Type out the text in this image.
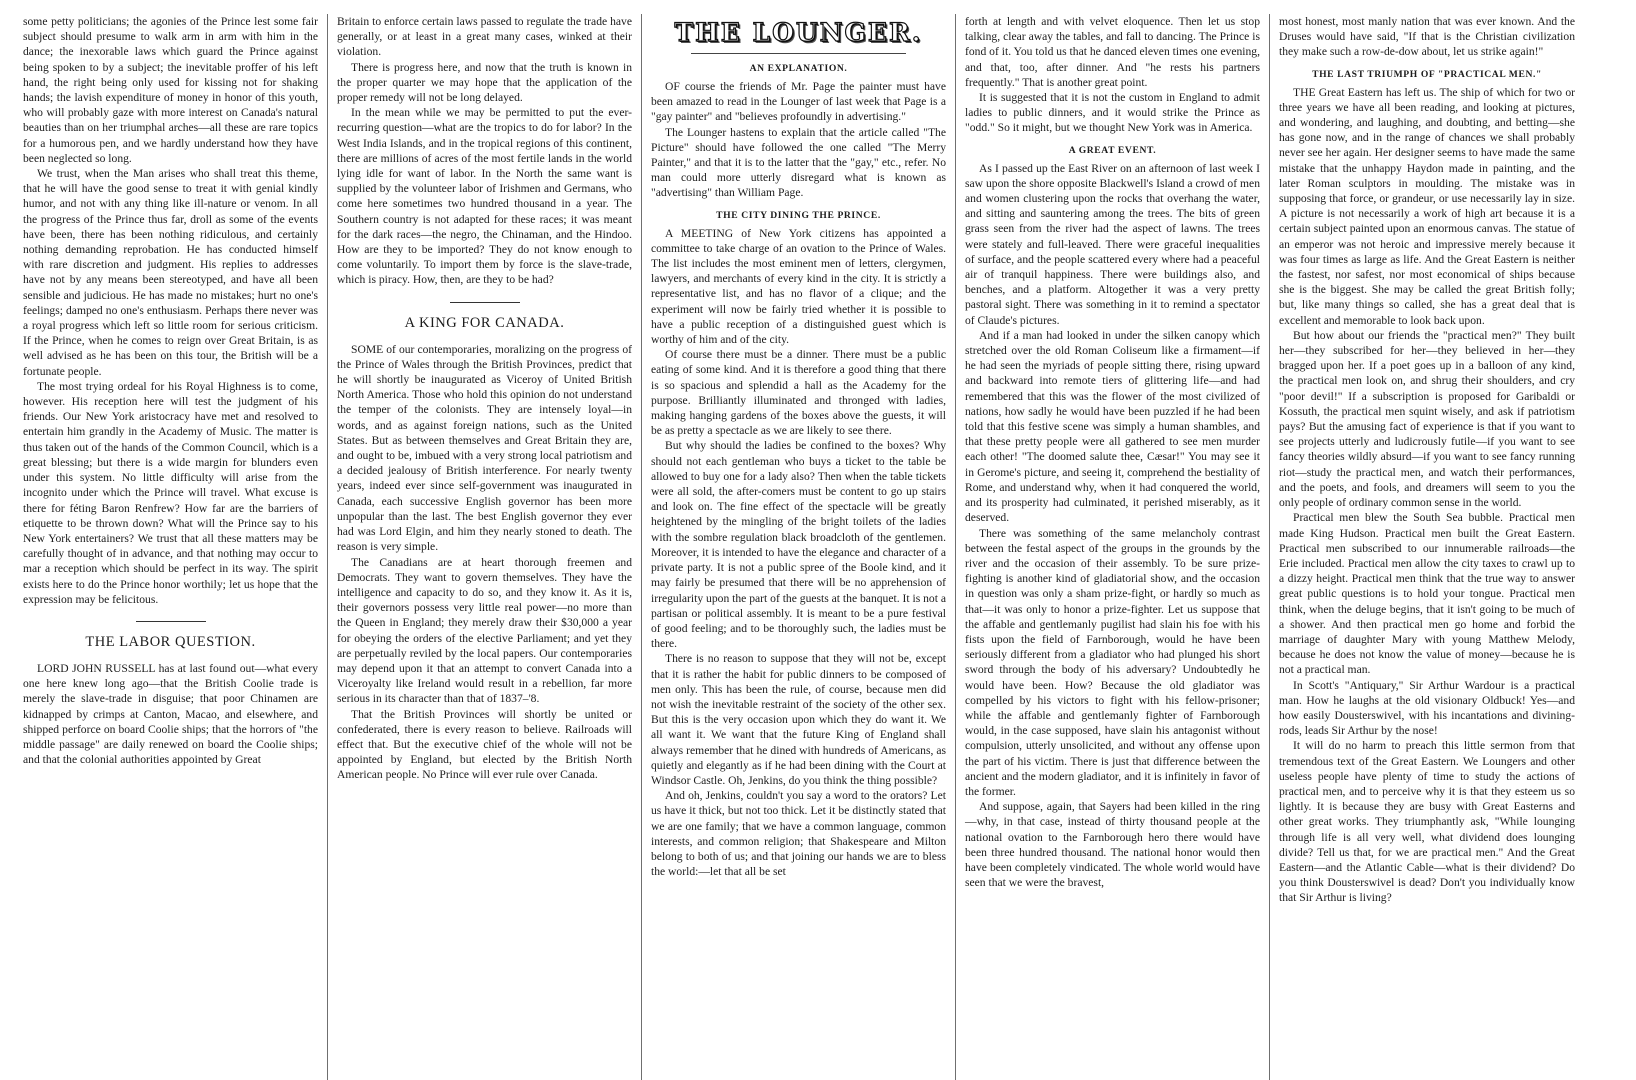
some petty politicians; the agonies of the Prince lest some fair subject should presume to walk arm in arm with him in the dance; the inexorable laws which guard the Prince against being spoken to by a subject; the inevitable proffer of his left hand, the right being only used for kissing not for shaking hands; the lavish expenditure of money in honor of this youth, who will probably gaze with more interest on Canada's natural beauties than on her triumphal arches—all these are rare topics for a humorous pen, and we hardly understand how they have been neglected so long.

We trust, when the Man arises who shall treat this theme, that he will have the good sense to treat it with genial kindly humor, and not with any thing like ill-nature or venom. In all the progress of the Prince thus far, droll as some of the events have been, there has been nothing ridiculous, and certainly nothing demanding reprobation. He has conducted himself with rare discretion and judgment. His replies to addresses have not by any means been stereotyped, and have all been sensible and judicious. He has made no mistakes; hurt no one's feelings; damped no one's enthusiasm. Perhaps there never was a royal progress which left so little room for serious criticism. If the Prince, when he comes to reign over Great Britain, is as well advised as he has been on this tour, the British will be a fortunate people.

The most trying ordeal for his Royal Highness is to come, however. His reception here will test the judgment of his friends. Our New York aristocracy have met and resolved to entertain him grandly in the Academy of Music. The matter is thus taken out of the hands of the Common Council, which is a great blessing; but there is a wide margin for blunders even under this system. No little difficulty will arise from the incognito under which the Prince will travel. What excuse is there for féting Baron Renfrew? How far are the barriers of etiquette to be thrown down? What will the Prince say to his New York entertainers? We trust that all these matters may be carefully thought of in advance, and that nothing may occur to mar a reception which should be perfect in its way. The spirit exists here to do the Prince honor worthily; let us hope that the expression may be felicitous.

THE LABOR QUESTION.

LORD JOHN RUSSELL has at last found out—what every one here knew long ago—that the British Coolie trade is merely the slave-trade in disguise; that poor Chinamen are kidnapped by crimps at Canton, Macao, and elsewhere, and shipped perforce on board Coolie ships; that the horrors of "the middle passage" are daily renewed on board the Coolie ships; and that the colonial authorities appointed by Great

Britain to enforce certain laws passed to regulate the trade have generally, or at least in a great many cases, winked at their violation.

There is progress here, and now that the truth is known in the proper quarter we may hope that the application of the proper remedy will not be long delayed.

In the mean while we may be permitted to put the ever-recurring question—what are the tropics to do for labor? In the West India Islands, and in the tropical regions of this continent, there are millions of acres of the most fertile lands in the world lying idle for want of labor. In the North the same want is supplied by the volunteer labor of Irishmen and Germans, who come here sometimes two hundred thousand in a year. The Southern country is not adapted for these races; it was meant for the dark races—the negro, the Chinaman, and the Hindoo. How are they to be imported? They do not know enough to come voluntarily. To import them by force is the slave-trade, which is piracy. How, then, are they to be had?

A KING FOR CANADA.

SOME of our contemporaries, moralizing on the progress of the Prince of Wales through the British Provinces, predict that he will shortly be inaugurated as Viceroy of United British North America. Those who hold this opinion do not understand the temper of the colonists. They are intensely loyal—in words, and as against foreign nations, such as the United States. But as between themselves and Great Britain they are, and ought to be, imbued with a very strong local patriotism and a decided jealousy of British interference. For nearly twenty years, indeed ever since self-government was inaugurated in Canada, each successive English governor has been more unpopular than the last. The best English governor they ever had was Lord Elgin, and him they nearly stoned to death. The reason is very simple.

The Canadians are at heart thorough freemen and Democrats. They want to govern themselves. They have the intelligence and capacity to do so, and they know it. As it is, their governors possess very little real power—no more than the Queen in England; they merely draw their $30,000 a year for obeying the orders of the elective Parliament; and yet they are perpetually reviled by the local papers. Our contemporaries may depend upon it that an attempt to convert Canada into a Viceroyalty like Ireland would result in a rebellion, far more serious in its character than that of 1837–'8.

That the British Provinces will shortly be united or confederated, there is every reason to believe. Railroads will effect that. But the executive chief of the whole will not be appointed by England, but elected by the British North American people. No Prince will ever rule over Canada.

THE LOUNGER.
AN EXPLANATION.

OF course the friends of Mr. Page the painter must have been amazed to read in the Lounger of last week that Page is a "gay painter" and "believes profoundly in advertising."

The Lounger hastens to explain that the article called "The Picture" should have followed the one called "The Merry Painter," and that it is to the latter that the "gay," etc., refer. No man could more utterly disregard what is known as "advertising" than William Page.

THE CITY DINING THE PRINCE.

A MEETING of New York citizens has appointed a committee to take charge of an ovation to the Prince of Wales. The list includes the most eminent men of letters, clergymen, lawyers, and merchants of every kind in the city. It is strictly a representative list, and has no flavor of a clique; and the experiment will now be fairly tried whether it is possible to have a public reception of a distinguished guest which is worthy of him and of the city.

Of course there must be a dinner. There must be a public eating of some kind. And it is therefore a good thing that there is so spacious and splendid a hall as the Academy for the purpose. Brilliantly illuminated and thronged with ladies, making hanging gardens of the boxes above the guests, it will be as pretty a spectacle as we are likely to see there.

But why should the ladies be confined to the boxes? Why should not each gentleman who buys a ticket to the table be allowed to buy one for a lady also? Then when the table tickets were all sold, the after-comers must be content to go up stairs and look on. The fine effect of the spectacle will be greatly heightened by the mingling of the bright toilets of the ladies with the sombre regulation black broadcloth of the gentlemen. Moreover, it is intended to have the elegance and character of a private party. It is not a public spree of the Boole kind, and it may fairly be presumed that there will be no apprehension of irregularity upon the part of the guests at the banquet. It is not a partisan or political assembly. It is meant to be a pure festival of good feeling; and to be thoroughly such, the ladies must be there.

There is no reason to suppose that they will not be, except that it is rather the habit for public dinners to be composed of men only. This has been the rule, of course, because men did not wish the inevitable restraint of the society of the other sex. But this is the very occasion upon which they do want it. We all want it. We want that the future King of England shall always remember that he dined with hundreds of Americans, as quietly and elegantly as if he had been dining with the Court at Windsor Castle. Oh, Jenkins, do you think the thing possible?

And oh, Jenkins, couldn't you say a word to the orators? Let us have it thick, but not too thick. Let it be distinctly stated that we are one family; that we have a common language, common interests, and common religion; that Shakespeare and Milton belong to both of us; and that joining our hands we are to bless the world:—let that all be set

forth at length and with velvet eloquence. Then let us stop talking, clear away the tables, and fall to dancing. The Prince is fond of it. You told us that he danced eleven times one evening, and that, too, after dinner. And "he rests his partners frequently." That is another great point.

It is suggested that it is not the custom in England to admit ladies to public dinners, and it would strike the Prince as "odd." So it might, but we thought New York was in America.

A GREAT EVENT.

As I passed up the East River on an afternoon of last week I saw upon the shore opposite Blackwell's Island a crowd of men and women clustering upon the rocks that overhang the water, and sitting and sauntering among the trees. The bits of green grass seen from the river had the aspect of lawns. The trees were stately and full-leaved. There were graceful inequalities of surface, and the people scattered every where had a peaceful air of tranquil happiness. There were buildings also, and benches, and a platform. Altogether it was a very pretty pastoral sight. There was something in it to remind a spectator of Claude's pictures.

And if a man had looked in under the silken canopy which stretched over the old Roman Coliseum like a firmament—if he had seen the myriads of people sitting there, rising upward and backward into remote tiers of glittering life—and had remembered that this was the flower of the most civilized of nations, how sadly he would have been puzzled if he had been told that this festive scene was simply a human shambles, and that these pretty people were all gathered to see men murder each other! "The doomed salute thee, Cæsar!" You may see it in Gerome's picture, and seeing it, comprehend the bestiality of Rome, and understand why, when it had conquered the world, and its prosperity had culminated, it perished miserably, as it deserved.

There was something of the same melancholy contrast between the festal aspect of the groups in the grounds by the river and the occasion of their assembly. To be sure prize-fighting is another kind of gladiatorial show, and the occasion in question was only a sham prize-fight, or hardly so much as that—it was only to honor a prize-fighter. Let us suppose that the affable and gentlemanly pugilist had slain his foe with his fists upon the field of Farnborough, would he have been seriously different from a gladiator who had plunged his short sword through the body of his adversary? Undoubtedly he would have been. How? Because the old gladiator was compelled by his victors to fight with his fellow-prisoner; while the affable and gentlemanly fighter of Farnborough would, in the case supposed, have slain his antagonist without compulsion, utterly unsolicited, and without any offense upon the part of his victim. There is just that difference between the ancient and the modern gladiator, and it is infinitely in favor of the former.

And suppose, again, that Sayers had been killed in the ring—why, in that case, instead of thirty thousand people at the national ovation to the Farnborough hero there would have been three hundred thousand. The national honor would then have been completely vindicated. The whole world would have seen that we were the bravest,

most honest, most manly nation that was ever known. And the Druses would have said, "If that is the Christian civilization they make such a row-de-dow about, let us strike again!"

THE LAST TRIUMPH OF "PRACTICAL MEN."

THE Great Eastern has left us. The ship of which for two or three years we have all been reading, and looking at pictures, and wondering, and laughing, and doubting, and betting—she has gone now, and in the range of chances we shall probably never see her again. Her designer seems to have made the same mistake that the unhappy Haydon made in painting, and the later Roman sculptors in moulding. The mistake was in supposing that force, or grandeur, or use necessarily lay in size. A picture is not necessarily a work of high art because it is a certain subject painted upon an enormous canvas. The statue of an emperor was not heroic and impressive merely because it was four times as large as life. And the Great Eastern is neither the fastest, nor safest, nor most economical of ships because she is the biggest. She may be called the great British folly; but, like many things so called, she has a great deal that is excellent and memorable to look back upon.

But how about our friends the "practical men?" They built her—they subscribed for her—they believed in her—they bragged upon her. If a poet goes up in a balloon of any kind, the practical men look on, and shrug their shoulders, and cry "poor devil!" If a subscription is proposed for Garibaldi or Kossuth, the practical men squint wisely, and ask if patriotism pays? But the amusing fact of experience is that if you want to see projects utterly and ludicrously futile—if you want to see fancy theories wildly absurd—if you want to see fancy running riot—study the practical men, and watch their performances, and the poets, and fools, and dreamers will seem to you the only people of ordinary common sense in the world.

Practical men blew the South Sea bubble. Practical men made King Hudson. Practical men built the Great Eastern. Practical men subscribed to our innumerable railroads—the Erie included. Practical men allow the city taxes to crawl up to a dizzy height. Practical men think that the true way to answer great public questions is to hold your tongue. Practical men think, when the deluge begins, that it isn't going to be much of a shower. And then practical men go home and forbid the marriage of daughter Mary with young Matthew Melody, because he does not know the value of money—because he is not a practical man.

In Scott's "Antiquary," Sir Arthur Wardour is a practical man. How he laughs at the old visionary Oldbuck! Yes—and how easily Dousterswivel, with his incantations and divining-rods, leads Sir Arthur by the nose!

It will do no harm to preach this little sermon from that tremendous text of the Great Eastern. We Loungers and other useless people have plenty of time to study the actions of practical men, and to perceive why it is that they esteem us so lightly. It is because they are busy with Great Easterns and other great works. They triumphantly ask, "While lounging through life is all very well, what dividend does lounging divide? Tell us that, for we are practical men." And the Great Eastern—and the Atlantic Cable—what is their dividend? Do you think Dousterswivel is dead? Don't you individually know that Sir Arthur is living?
